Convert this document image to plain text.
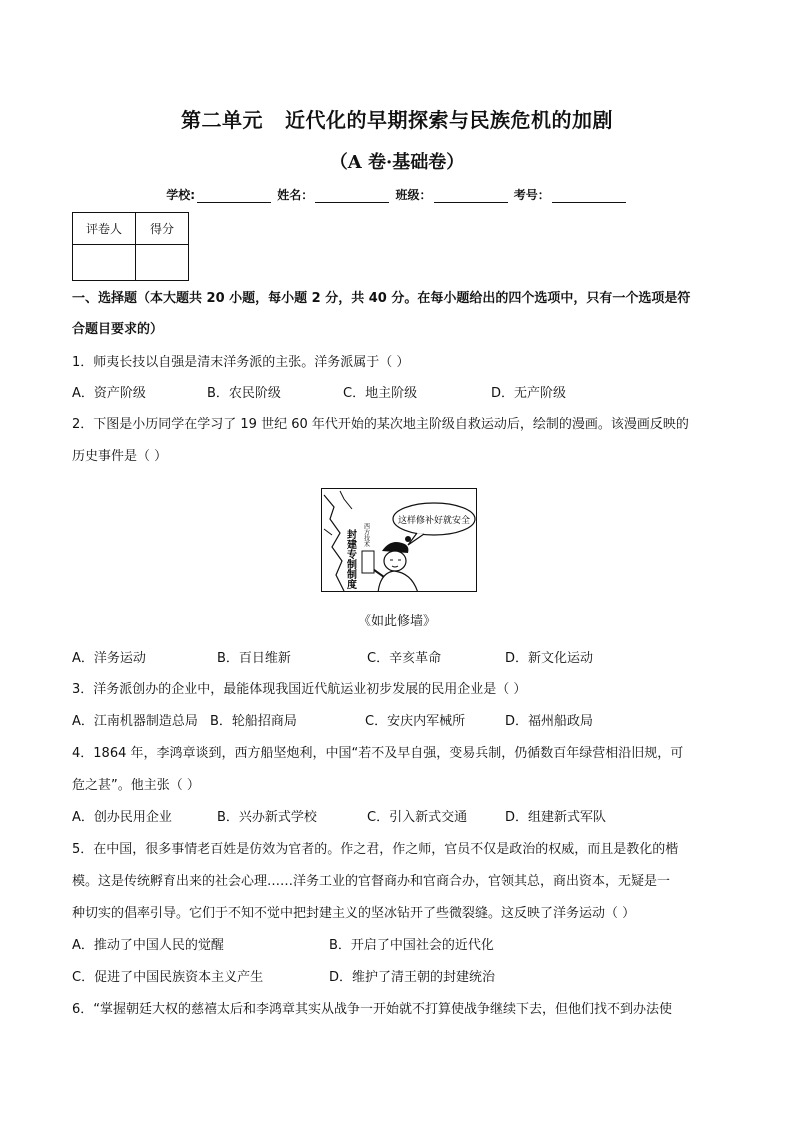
第二单元 近代化的早期探索与民族危机的加剧
（A 卷·基础卷）
学校:	姓名：	班级：	考号：
评卷人	得分

一、选择题（本大题共 20 小题，每小题 2 分，共 40 分。在每小题给出的四个选项中，只有一个选项是符
合题目要求的）
1．师夷长技以自强是清末洋务派的主张。洋务派属于（ ）
A．资产阶级	B．农民阶级	C．地主阶级	D．无产阶级
2．下图是小历同学在学习了 19 世纪 60 年代开始的某次地主阶级自救运动后，绘制的漫画。该漫画反映的
历史事件是（ ）
这样修补好就安全
封建专制制度 西方技术
《如此修墙》
A．洋务运动	B．百日维新	C．辛亥革命	D．新文化运动
3．洋务派创办的企业中，最能体现我国近代航运业初步发展的民用企业是（ ）
A．江南机器制造总局 B．轮船招商局	C．安庆内军械所	D．福州船政局
4．1864 年，李鸿章谈到，西方船坚炮利，中国“若不及早自强，变易兵制，仍循数百年绿营相沿旧规，可
危之甚”。他主张（ ）
A．创办民用企业	B．兴办新式学校	C．引入新式交通	D．组建新式军队
5．在中国，很多事情老百姓是仿效为官者的。作之君，作之师，官员不仅是政治的权威，而且是教化的楷
模。这是传统孵育出来的社会心理……洋务工业的官督商办和官商合办，官领其总，商出资本，无疑是一
种切实的倡率引导。它们于不知不觉中把封建主义的坚冰钻开了些微裂缝。这反映了洋务运动（ ）
A．推动了中国人民的觉醒	B．开启了中国社会的近代化
C．促进了中国民族资本主义产生	D．维护了清王朝的封建统治
6．“掌握朝廷大权的慈禧太后和李鸿章其实从战争一开始就不打算使战争继续下去，但他们找不到办法使
